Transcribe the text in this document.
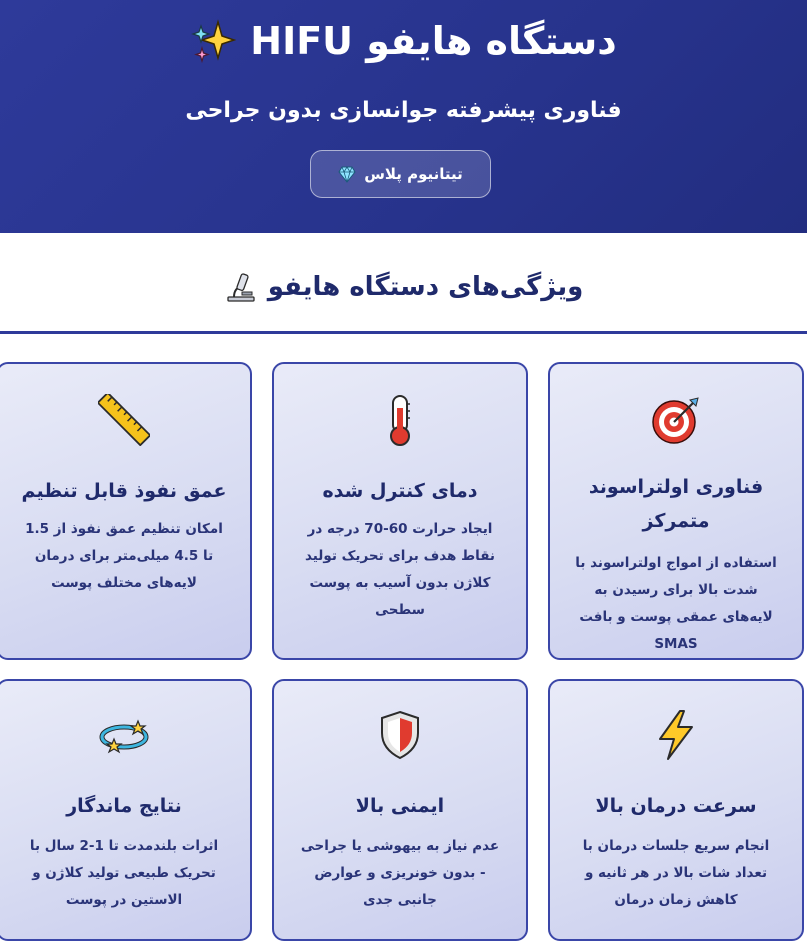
دستگاه هایفو HIFU
فناوری پیشرفته جوانسازی بدون جراحی
تیتانیوم پلاس
ویژگی‌های دستگاه هایفو
فناوری اولتراسوند متمرکز
استفاده از امواج اولتراسوند با شدت بالا برای رسیدن به لایه‌های عمقی پوست و بافت SMAS
دمای کنترل شده
ایجاد حرارت 60-70 درجه در نقاط هدف برای تحریک تولید کلاژن بدون آسیب به پوست سطحی
عمق نفوذ قابل تنظیم
امکان تنظیم عمق نفوذ از 1.5 تا 4.5 میلی‌متر برای درمان لایه‌های مختلف پوست
سرعت درمان بالا
انجام سریع جلسات درمان با تعداد شات بالا در هر ثانیه و کاهش زمان درمان
ایمنی بالا
عدم نیاز به بیهوشی یا جراحی - بدون خونریزی و عوارض جانبی جدی
نتایج ماندگار
اثرات بلندمدت تا 1-2 سال با تحریک طبیعی تولید کلاژن و الاستین در پوست
